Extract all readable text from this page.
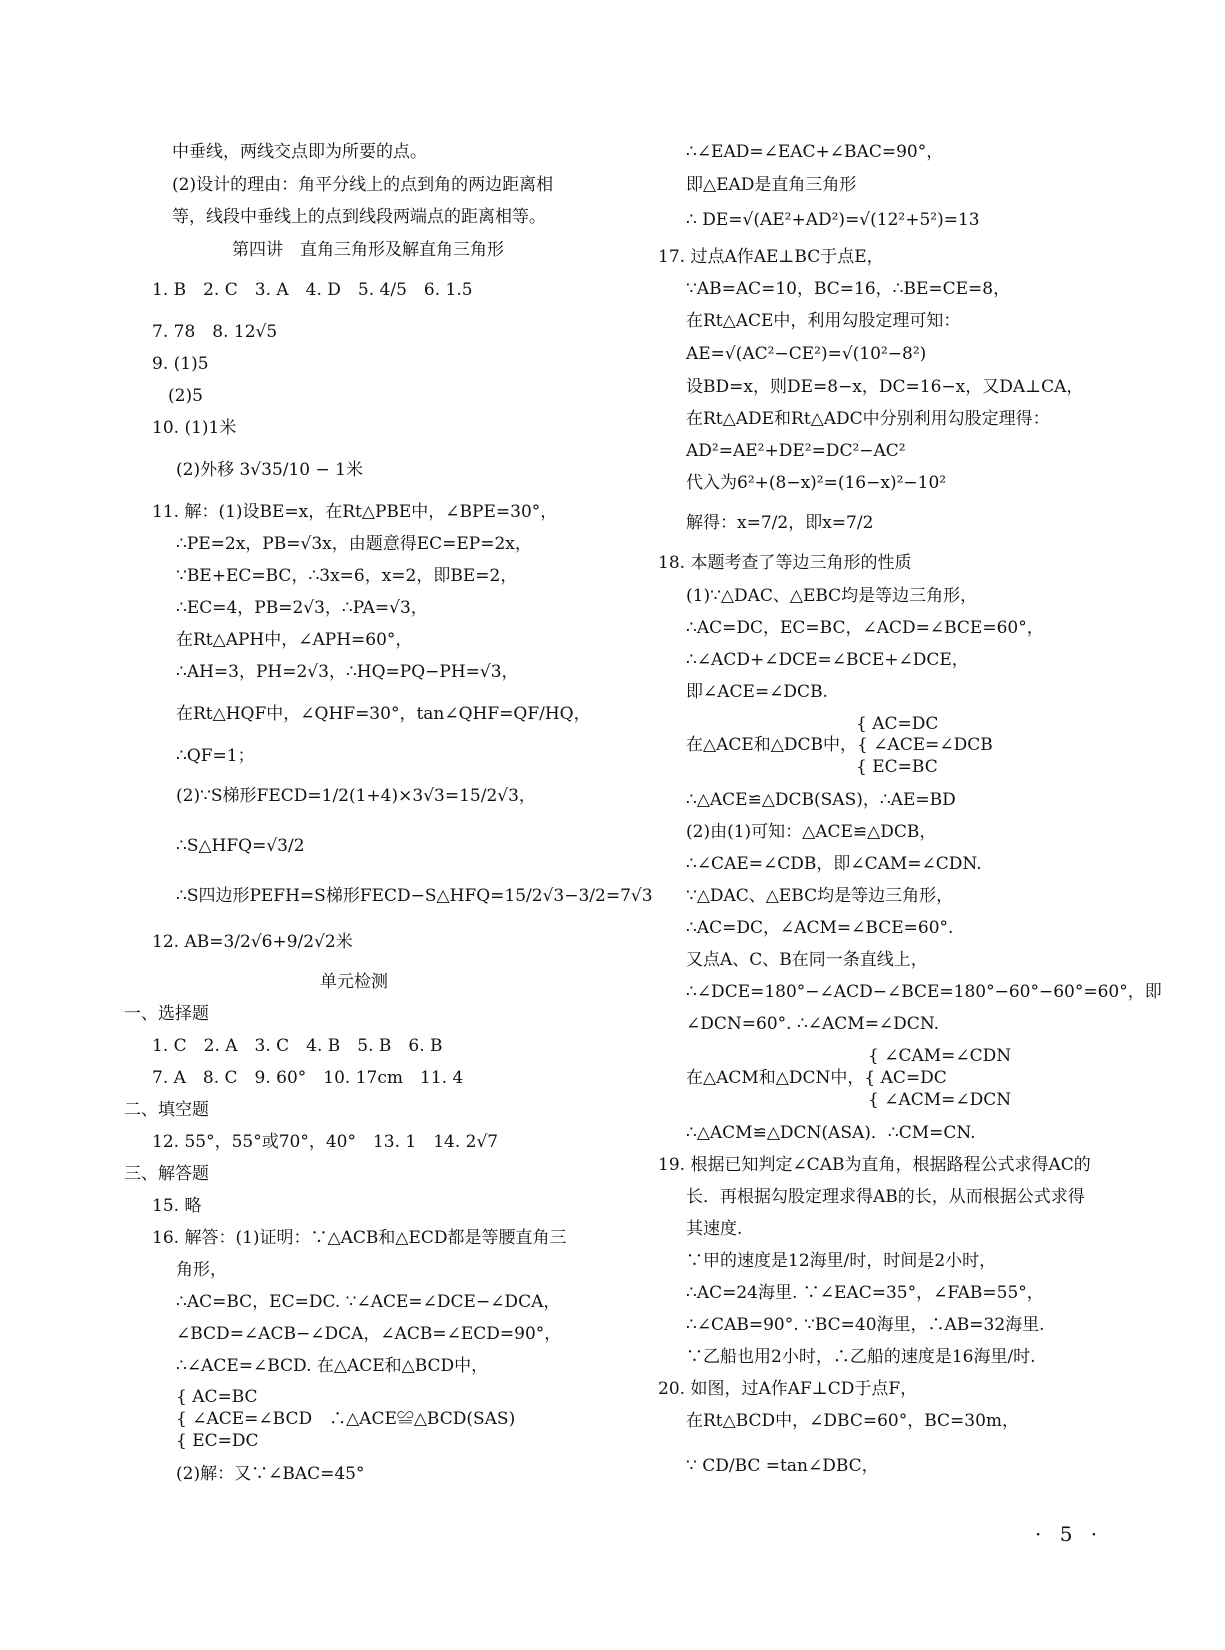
中垂线，两线交点即为所要的点。
(2)设计的理由：角平分线上的点到角的两边距离相
等，线段中垂线上的点到线段两端点的距离相等。
第四讲　直角三角形及解直角三角形
1. B　2. C　3. A　4. D　5. 4/5　6. 1.5
7. 78　8. 12√5
9. (1)5
(2)5
10. (1)1米
(2)外移 3√35/10 − 1米
11. 解：(1)设BE=x，在Rt△PBE中，∠BPE=30°，
∴PE=2x，PB=√3x，由题意得EC=EP=2x，
∵BE+EC=BC，∴3x=6，x=2，即BE=2，
∴EC=4，PB=2√3，∴PA=√3，
在Rt△APH中，∠APH=60°，
∴AH=3，PH=2√3，∴HQ=PQ−PH=√3，
在Rt△HQF中，∠QHF=30°，tan∠QHF=QF/HQ，
∴QF=1；
(2)∵S梯形FECD=1/2(1+4)×3√3=15/2√3，
∴S△HFQ=√3/2
∴S四边形PEFH=S梯形FECD−S△HFQ=15/2√3−3/2=7√3
12. AB=3/2√6+9/2√2米
单元检测
一、选择题
1. C　2. A　3. C　4. B　5. B　6. B
7. A　8. C　9. 60°　10. 17cm　11. 4
二、填空题
12. 55°，55°或70°，40°　13. 1　14. 2√7
三、解答题
15. 略
16. 解答：(1)证明：∵△ACB和△ECD都是等腰直角三
角形，
∴AC=BC，EC=DC. ∵∠ACE=∠DCE−∠DCA，
∠BCD=∠ACB−∠DCA，∠ACB=∠ECD=90°，
∴∠ACE=∠BCD. 在△ACE和△BCD中，
{ AC=BC
{ ∠ACE=∠BCD　∴△ACE≌△BCD(SAS)
{ EC=DC
(2)解：又∵∠BAC=45°
∴∠EAD=∠EAC+∠BAC=90°，
即△EAD是直角三角形
∴ DE=√(AE²+AD²)=√(12²+5²)=13
17. 过点A作AE⊥BC于点E，
∵AB=AC=10，BC=16，∴BE=CE=8，
在Rt△ACE中，利用勾股定理可知：
AE=√(AC²−CE²)=√(10²−8²)
设BD=x，则DE=8−x，DC=16−x，又DA⊥CA，
在Rt△ADE和Rt△ADC中分别利用勾股定理得：
AD²=AE²+DE²=DC²−AC²
代入为6²+(8−x)²=(16−x)²−10²
解得：x=7/2，即x=7/2
18. 本题考查了等边三角形的性质
(1)∵△DAC、△EBC均是等边三角形，
∴AC=DC，EC=BC，∠ACD=∠BCE=60°，
∴∠ACD+∠DCE=∠BCE+∠DCE，
即∠ACE=∠DCB.
{ AC=DC
在△ACE和△DCB中，{ ∠ACE=∠DCB
{ EC=BC
∴△ACE≌△DCB(SAS)，∴AE=BD
(2)由(1)可知：△ACE≌△DCB，
∴∠CAE=∠CDB，即∠CAM=∠CDN.
∵△DAC、△EBC均是等边三角形，
∴AC=DC，∠ACM=∠BCE=60°.
又点A、C、B在同一条直线上，
∴∠DCE=180°−∠ACD−∠BCE=180°−60°−60°=60°，即
∠DCN=60°. ∴∠ACM=∠DCN.
{ ∠CAM=∠CDN
在△ACM和△DCN中，{ AC=DC
{ ∠ACM=∠DCN
∴△ACM≌△DCN(ASA)．∴CM=CN.
19. 根据已知判定∠CAB为直角，根据路程公式求得AC的
长．再根据勾股定理求得AB的长，从而根据公式求得
其速度.
∵甲的速度是12海里/时，时间是2小时，
∴AC=24海里. ∵∠EAC=35°，∠FAB=55°，
∴∠CAB=90°. ∵BC=40海里，∴AB=32海里.
∵乙船也用2小时，∴乙船的速度是16海里/时.
20. 如图，过A作AF⊥CD于点F，
在Rt△BCD中，∠DBC=60°，BC=30m，
∵ CD/BC =tan∠DBC，
· 5 ·
